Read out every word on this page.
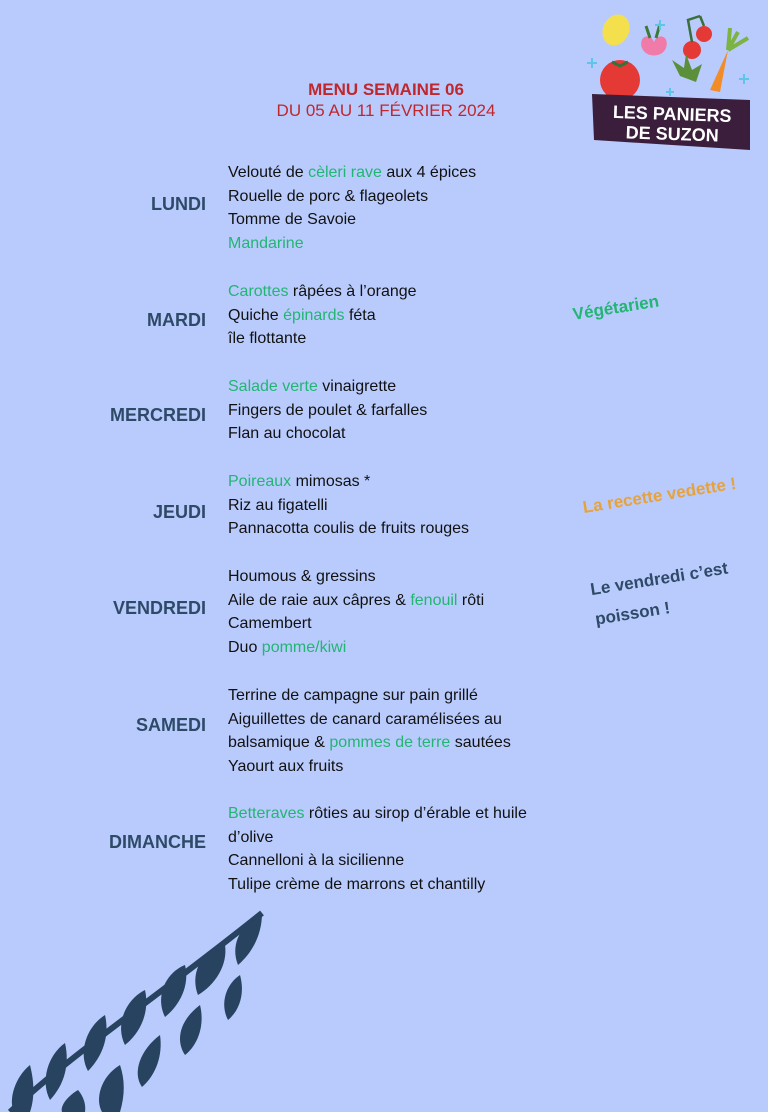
MENU SEMAINE 06
DU 05 AU 11 FÉVRIER 2024	LES PANIERS
DE SUZON
LUNDI
MARDI
MERCREDI
JEUDI
VENDREDI
SAMEDI
DIMANCHE
Velouté de cèleri rave aux 4 épices
Rouelle de porc & flageolets
Tomme de Savoie
Mandarine
Carottes râpées à l’orange
Quiche épinards féta
île flottante
Salade verte vinaigrette
Fingers de poulet & farfalles
Flan au chocolat
Poireaux mimosas *
Riz au figatelli
Pannacotta coulis de fruits rouges
Houmous & gressins
Aile de raie aux câpres & fenouil rôti
Camembert
Duo pomme/kiwi
Terrine de campagne sur pain grillé
Aiguillettes de canard caramélisées au
balsamique & pommes de terre sautées
Yaourt aux fruits
Betteraves rôties au sirop d’érable et huile
d’olive
Cannelloni à la sicilienne
Tulipe crème de marrons et chantilly
Végétarien
La recette vedette !
Le vendredi c’est
poisson !
